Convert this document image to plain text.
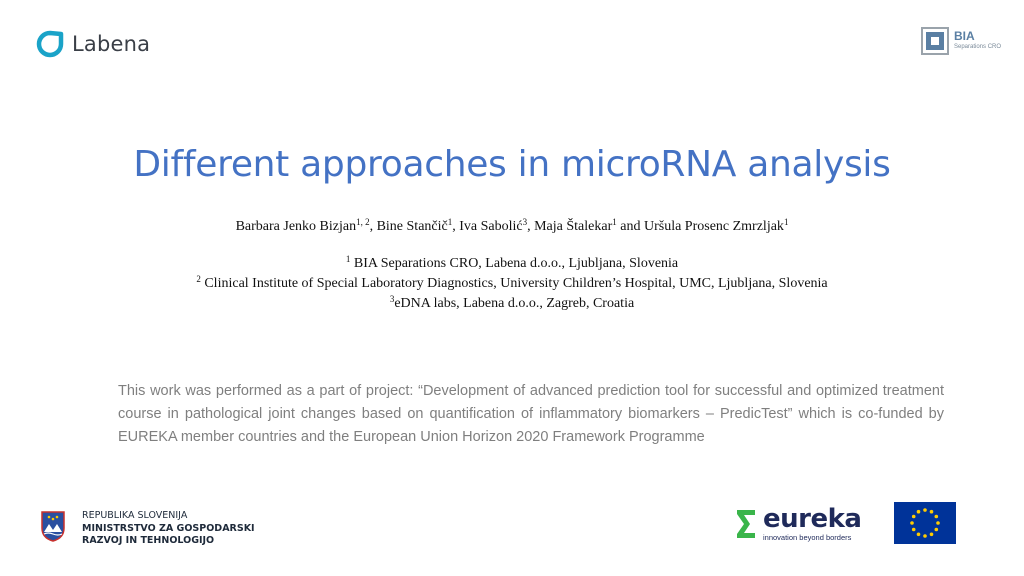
Labena	BIA
Separations CRO
Different approaches in microRNA analysis
Barbara Jenko Bizjan$^{1, 2}$, Bine Stančič$^1$, Iva Sabolić$^3$, Maja Štalekar$^1$ and Uršula Prosenc Zmrzljak$^1$
$^1$ BIA Separations CRO, Labena d.o.o., Ljubljana, Slovenia
$^2$ Clinical Institute of Special Laboratory Diagnostics, University Children’s Hospital, UMC, Ljubljana, Slovenia
$^3$eDNA labs, Labena d.o.o., Zagreb, Croatia
This work was performed as a part of project: “Development of advanced prediction tool for successful and optimized treatment course in pathological joint changes based on quantification of inflammatory biomarkers – PredicTest” which is co-funded by EUREKA member countries and the European Union Horizon 2020 Framework Programme
REPUBLIKA SLOVENIJA
MINISTRSTVO ZA GOSPODARSKI
RAZVOJ IN TEHNOLOGIJO
eureka
innovation beyond borders
